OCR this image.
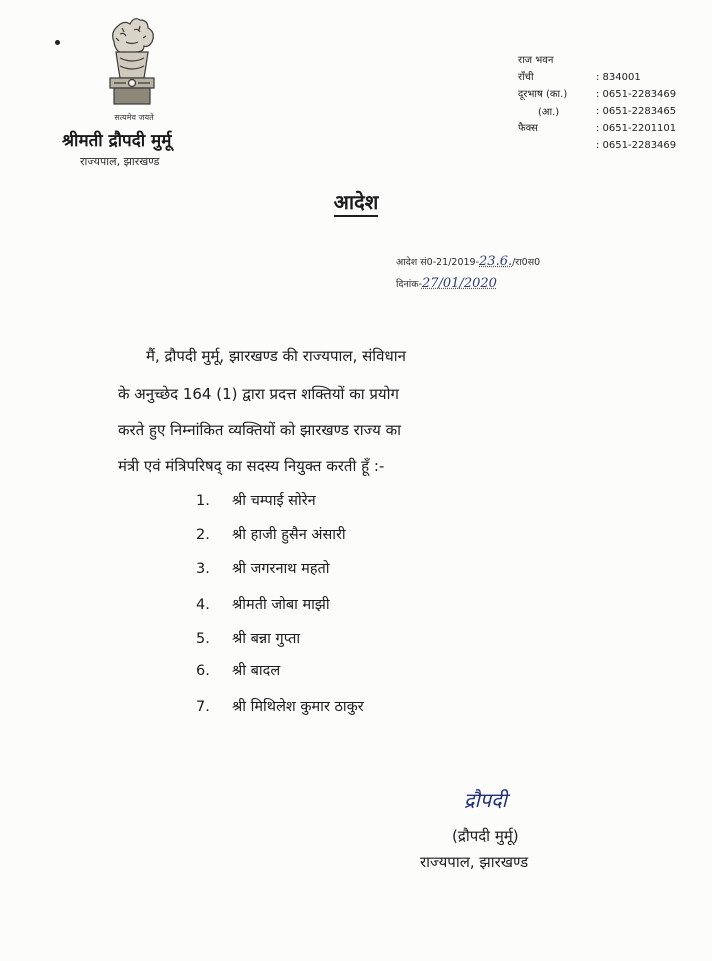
सत्यमेव जयते
श्रीमती द्रौपदी मुर्मू
राज्यपाल, झारखण्ड
राज भवन
राँची
दूरभाष (का.)
फैक्स
(आ.)
: 834001
: 0651-2283469
: 0651-2283465
: 0651-2201101
: 0651-2283469
आदेश
आदेश सं0-21/2019-23.6./रा0स0
दिनांक-27/01/2020
मैं, द्रौपदी मुर्मू, झारखण्ड की राज्यपाल, संविधान
के अनुच्छेद 164 (1) द्वारा प्रदत्त शक्तियों का प्रयोग
करते हुए निम्नांकित व्यक्तियों को झारखण्ड राज्य का
मंत्री एवं मंत्रिपरिषद् का सदस्य नियुक्त करती हूँ :-
1. श्री चम्पाई सोरेन
2. श्री हाजी हुसैन अंसारी
3. श्री जगरनाथ महतो
4. श्रीमती जोबा माझी
5. श्री बन्ना गुप्ता
6. श्री बादल
7. श्री मिथिलेश कुमार ठाकुर
द्रौपदी
(द्रौपदी मुर्मू)
राज्यपाल, झारखण्ड
